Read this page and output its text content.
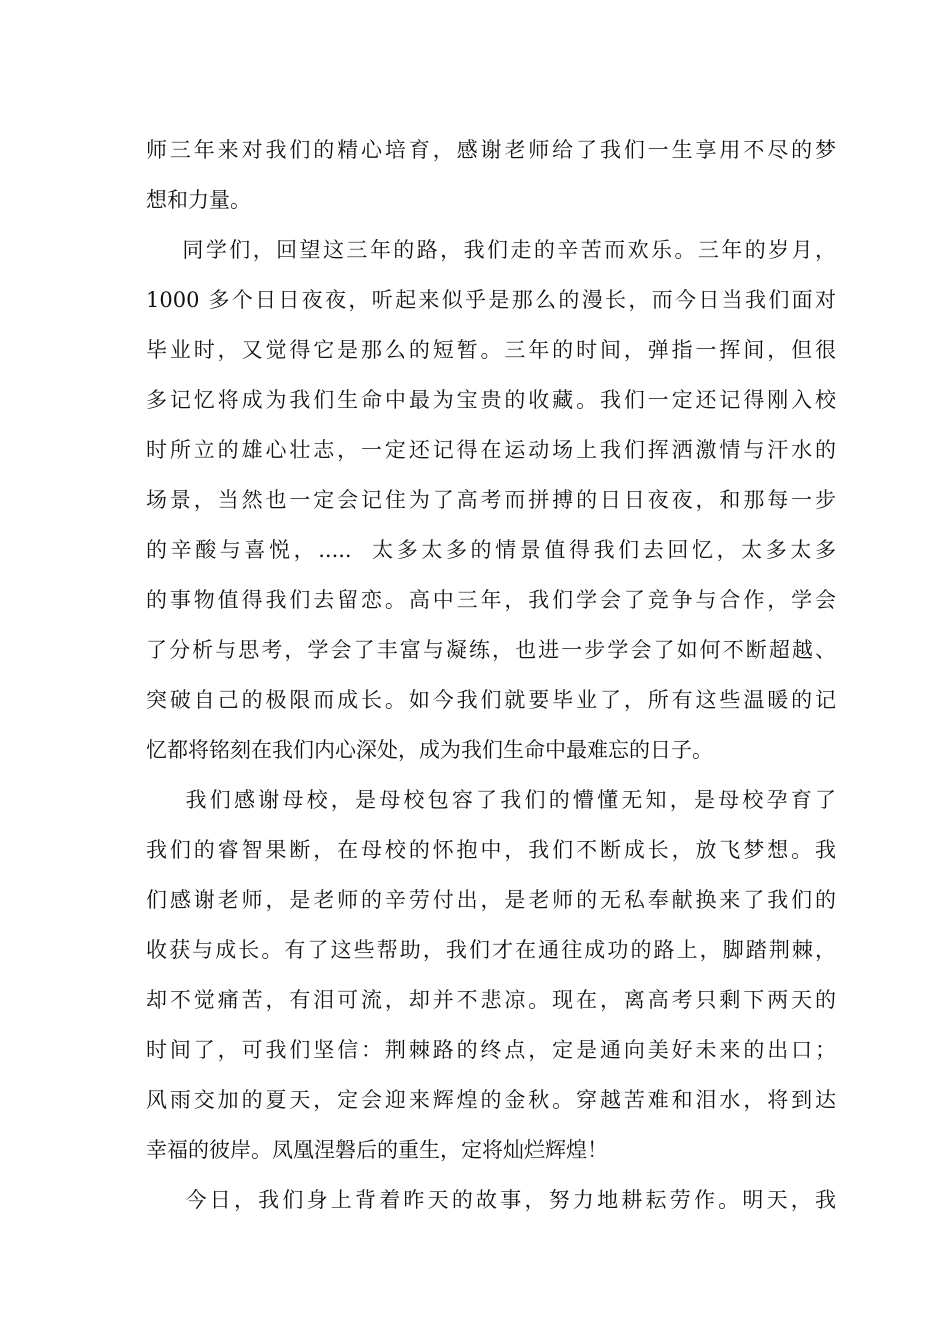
师三年来对我们的精心培育，感谢老师给了我们一生享用不尽的梦
想和力量。
同学们，回望这三年的路，我们走的辛苦而欢乐。三年的岁月，
1000 多个日日夜夜，听起来似乎是那么的漫长，而今日当我们面对
毕业时，又觉得它是那么的短暂。三年的时间，弹指一挥间，但很
多记忆将成为我们生命中最为宝贵的收藏。我们一定还记得刚入校
时所立的雄心壮志，一定还记得在运动场上我们挥洒激情与汗水的
场景，当然也一定会记住为了高考而拼搏的日日夜夜，和那每一步
的辛酸与喜悦，.....  太多太多的情景值得我们去回忆，太多太多
的事物值得我们去留恋。高中三年，我们学会了竞争与合作，学会
了分析与思考，学会了丰富与凝练，也进一步学会了如何不断超越、
突破自己的极限而成长。如今我们就要毕业了，所有这些温暖的记
忆都将铭刻在我们内心深处，成为我们生命中最难忘的日子。
我们感谢母校，是母校包容了我们的懵懂无知，是母校孕育了
我们的睿智果断，在母校的怀抱中，我们不断成长，放飞梦想。我
们感谢老师，是老师的辛劳付出，是老师的无私奉献换来了我们的
收获与成长。有了这些帮助，我们才在通往成功的路上，脚踏荆棘，
却不觉痛苦，有泪可流，却并不悲凉。现在，离高考只剩下两天的
时间了，可我们坚信：荆棘路的终点，定是通向美好未来的出口；
风雨交加的夏天，定会迎来辉煌的金秋。穿越苦难和泪水，将到达
幸福的彼岸。凤凰涅磐后的重生，定将灿烂辉煌！
今日，我们身上背着昨天的故事，努力地耕耘劳作。明天，我
